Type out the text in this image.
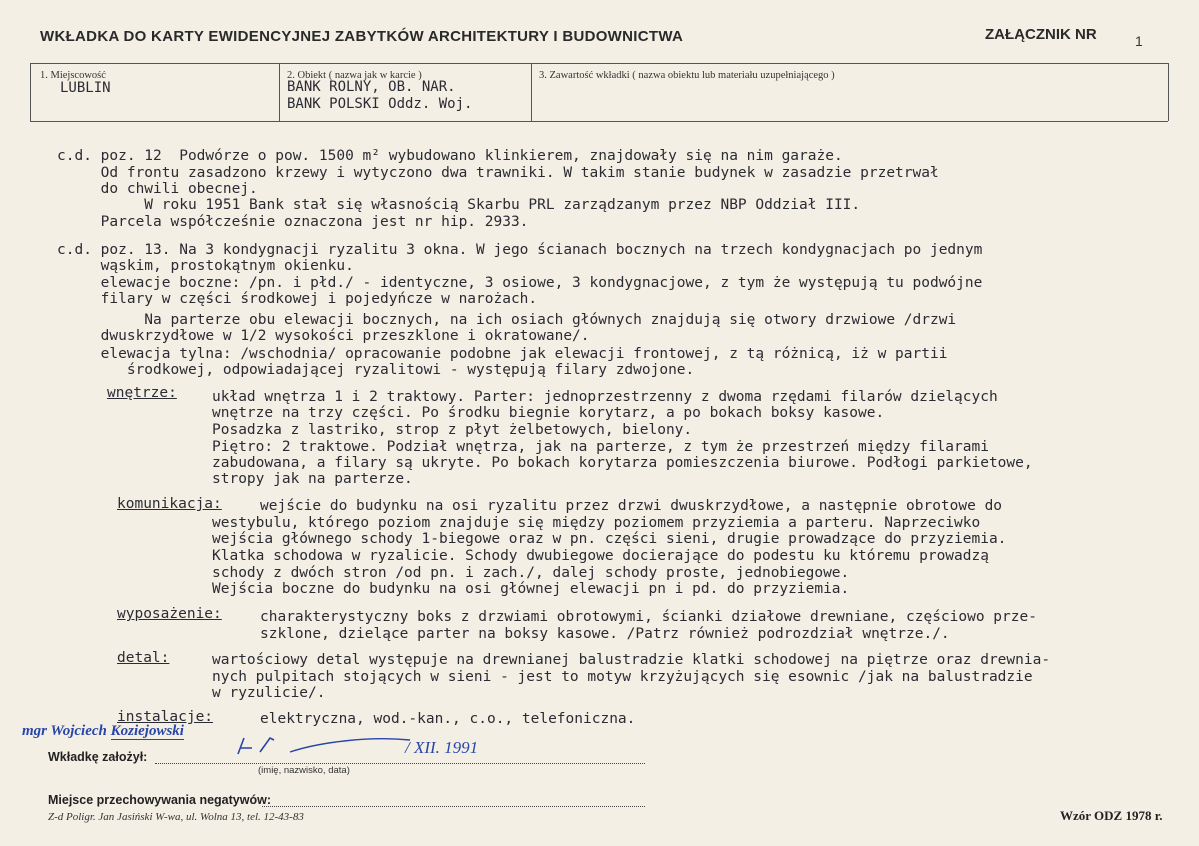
WKŁADKA DO KARTY EWIDENCYJNEJ ZABYTKÓW ARCHITEKTURY I BUDOWNICTWA	ZAŁĄCZNIK NR	1
1. Miejscowość
LUBLIN
2. Obiekt ( nazwa jak w karcie )
BANK ROLNY, OB. NAR.
BANK POLSKI Oddz. Woj.
3. Zawartość wkładki ( nazwa obiektu lub materiału uzupełniającego )
c.d. poz. 12  Podwórze o pow. 1500 m² wybudowano klinkierem, znajdowały się na nim garaże.
Od frontu zasadzono krzewy i wytyczono dwa trawniki. W takim stanie budynek w zasadzie przetrwał
do chwili obecnej.
W roku 1951 Bank stał się własnością Skarbu PRL zarządzanym przez NBP Oddział III.
Parcela współcześnie oznaczona jest nr hip. 2933.
c.d. poz. 13. Na 3 kondygnacji ryzalitu 3 okna. W jego ścianach bocznych na trzech kondygnacjach po jednym
wąskim, prostokątnym okienku.
elewacje boczne: /pn. i płd./ - identyczne, 3 osiowe, 3 kondygnacjowe, z tym że występują tu podwójne
filary w części środkowej i pojedyńcze w narożach.
Na parterze obu elewacji bocznych, na ich osiach głównych znajdują się otwory drzwiowe /drzwi
dwuskrzydłowe w 1/2 wysokości przeszklone i okratowane/.
elewacja tylna: /wschodnia/ opracowanie podobne jak elewacji frontowej, z tą różnicą, iż w partii
środkowej, odpowiadającej ryzalitowi - występują filary zdwojone.
wnętrze: układ wnętrza 1 i 2 traktowy. Parter: jednoprzestrzenny z dwoma rzędami filarów dzielących
wnętrze na trzy części. Po środku biegnie korytarz, a po bokach boksy kasowe.
Posadzka z lastriko, strop z płyt żelbetowych, bielony.
Piętro: 2 traktowe. Podział wnętrza, jak na parterze, z tym że przestrzeń między filarami
zabudowana, a filary są ukryte. Po bokach korytarza pomieszczenia biurowe. Podłogi parkietowe,
stropy jak na parterze.
komunikacja:	wejście do budynku na osi ryzalitu przez drzwi dwuskrzydłowe, a następnie obrotowe do
westybulu, którego poziom znajduje się między poziomem przyziemia a parteru. Naprzeciwko
wejścia głównego schody 1-biegowe oraz w pn. części sieni, drugie prowadzące do przyziemia.
Klatka schodowa w ryzalicie. Schody dwubiegowe docierające do podestu ku któremu prowadzą
schody z dwóch stron /od pn. i zach./, dalej schody proste, jednobiegowe.
Wejścia boczne do budynku na osi głównej elewacji pn i pd. do przyziemia.
wyposażenie:	charakterystyczny boks z drzwiami obrotowymi, ścianki działowe drewniane, częściowo prze-
szklone, dzielące parter na boksy kasowe. /Patrz również podrozdział wnętrze./.
detal:	wartościowy detal występuje na drewnianej balustradzie klatki schodowej na piętrze oraz drewnia-
nych pulpitach stojących w sieni - jest to motyw krzyżujących się esownic /jak na balustradzie
w ryzulicie/.
instalacje:	elektryczna, wod.-kan., c.o., telefoniczna.
mgr Wojciech Koziejowski
Wkładkę założył:	/ XII. 1991
(imię, nazwisko, data)
Miejsce przechowywania negatywów:
Z-d Poligr. Jan Jasiński W-wa, ul. Wolna 13, tel. 12-43-83	Wzór ODZ 1978 r.
